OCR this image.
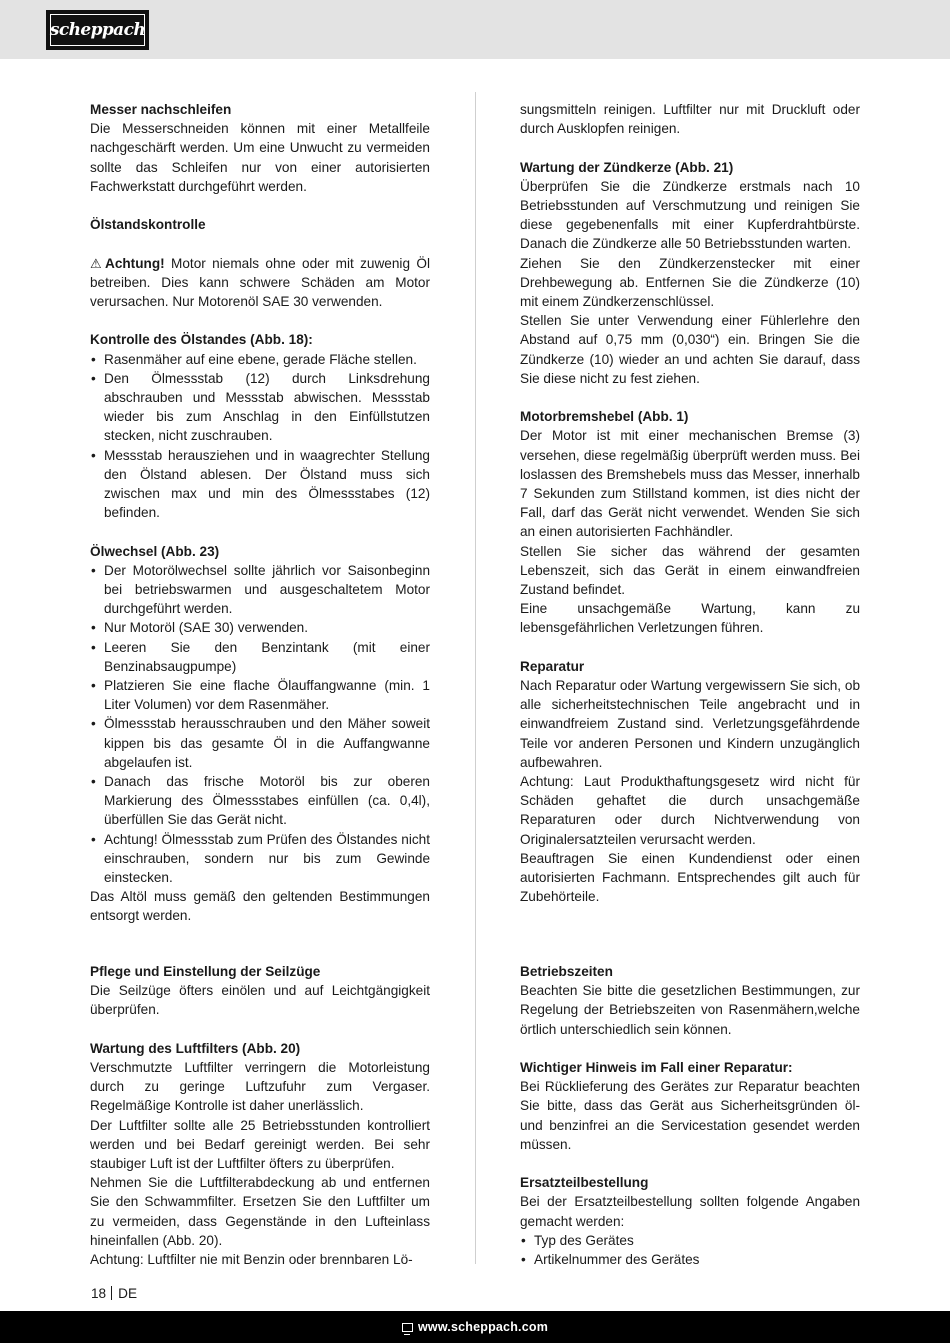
scheppach

Messer nachschleifen

Die Messerschneiden können mit einer Metallfeile nachgeschärft werden. Um eine Unwucht zu vermeiden sollte das Schleifen nur von einer autorisierten Fachwerkstatt durchgeführt werden.

Ölstandskontrolle

⚠ Achtung! Motor niemals ohne oder mit zuwenig Öl betreiben. Dies kann schwere Schäden am Motor verursachen. Nur Motorenöl SAE 30 verwenden.

Kontrolle des Ölstandes (Abb. 18):

• Rasenmäher auf eine ebene, gerade Fläche stellen.
• Den Ölmessstab (12) durch Linksdrehung abschrauben und Messstab abwischen. Messstab wieder bis zum Anschlag in den Einfüllstutzen stecken, nicht zuschrauben.
• Messstab herausziehen und in waagrechter Stellung den Ölstand ablesen. Der Ölstand muss sich zwischen max und min des Ölmessstabes (12) befinden.

Ölwechsel (Abb. 23)

• Der Motorölwechsel sollte jährlich vor Saisonbeginn bei betriebswarmen und ausgeschaltetem Motor durchgeführt werden.
• Nur Motoröl (SAE 30) verwenden.
• Leeren Sie den Benzintank (mit einer Benzinabsaugpumpe)
• Platzieren Sie eine flache Ölauffangwanne (min. 1 Liter Volumen) vor dem Rasenmäher.
• Ölmessstab herausschrauben und den Mäher soweit kippen bis das gesamte Öl in die Auffangwanne abgelaufen ist.
• Danach das frische Motoröl bis zur oberen Markierung des Ölmessstabes einfüllen (ca. 0,4l), überfüllen Sie das Gerät nicht.
• Achtung! Ölmessstab zum Prüfen des Ölstandes nicht einschrauben, sondern nur bis zum Gewinde einstecken.

Das Altöl muss gemäß den geltenden Bestimmungen entsorgt werden.

Pflege und Einstellung der Seilzüge

Die Seilzüge öfters einölen und auf Leichtgängigkeit überprüfen.

Wartung des Luftfilters (Abb. 20)

Verschmutzte Luftfilter verringern die Motorleistung durch zu geringe Luftzufuhr zum Vergaser. Regelmäßige Kontrolle ist daher unerlässlich.

Der Luftfilter sollte alle 25 Betriebsstunden kontrolliert werden und bei Bedarf gereinigt werden. Bei sehr staubiger Luft ist der Luftfilter öfters zu überprüfen.

Nehmen Sie die Luftfilterabdeckung ab und entfernen Sie den Schwammfilter. Ersetzen Sie den Luftfilter um zu vermeiden, dass Gegenstände in den Lufteinlass hineinfallen (Abb. 20).

Achtung: Luftfilter nie mit Benzin oder brennbaren Lö-

sungsmitteln reinigen. Luftfilter nur mit Druckluft oder durch Ausklopfen reinigen.

Wartung der Zündkerze (Abb. 21)

Überprüfen Sie die Zündkerze erstmals nach 10 Betriebsstunden auf Verschmutzung und reinigen Sie diese gegebenenfalls mit einer Kupferdrahtbürste. Danach die Zündkerze alle 50 Betriebsstunden warten.

Ziehen Sie den Zündkerzenstecker mit einer Drehbewegung ab. Entfernen Sie die Zündkerze (10) mit einem Zündkerzenschlüssel.

Stellen Sie unter Verwendung einer Fühlerlehre den Abstand auf 0,75 mm (0,030“) ein. Bringen Sie die Zündkerze (10) wieder an und achten Sie darauf, dass Sie diese nicht zu fest ziehen.

Motorbremshebel (Abb. 1)

Der Motor ist mit einer mechanischen Bremse (3) versehen, diese regelmäßig überprüft werden muss. Bei loslassen des Bremshebels muss das Messer, innerhalb 7 Sekunden zum Stillstand kommen, ist dies nicht der Fall, darf das Gerät nicht verwendet. Wenden Sie sich an einen autorisierten Fachhändler.

Stellen Sie sicher das während der gesamten Lebenszeit, sich das Gerät in einem einwandfreien Zustand befindet.

Eine unsachgemäße Wartung, kann zu lebensgefährlichen Verletzungen führen.

Reparatur

Nach Reparatur oder Wartung vergewissern Sie sich, ob alle sicherheitstechnischen Teile angebracht und in einwandfreiem Zustand sind. Verletzungsgefährdende Teile vor anderen Personen und Kindern unzugänglich aufbewahren.

Achtung: Laut Produkthaftungsgesetz wird nicht für Schäden gehaftet die durch unsachgemäße Reparaturen oder durch Nichtverwendung von Originalersatzteilen verursacht werden.

Beauftragen Sie einen Kundendienst oder einen autorisierten Fachmann. Entsprechendes gilt auch für Zubehörteile.

Betriebszeiten

Beachten Sie bitte die gesetzlichen Bestimmungen, zur Regelung der Betriebszeiten von Rasenmähern,welche örtlich unterschiedlich sein können.

Wichtiger Hinweis im Fall einer Reparatur:

Bei Rücklieferung des Gerätes zur Reparatur beachten Sie bitte, dass das Gerät aus Sicherheitsgründen öl- und benzinfrei an die Servicestation gesendet werden müssen.

Ersatzteilbestellung

Bei der Ersatzteilbestellung sollten folgende Angaben gemacht werden:

• Typ des Gerätes
• Artikelnummer des Gerätes
18 DE
www.scheppach.com
